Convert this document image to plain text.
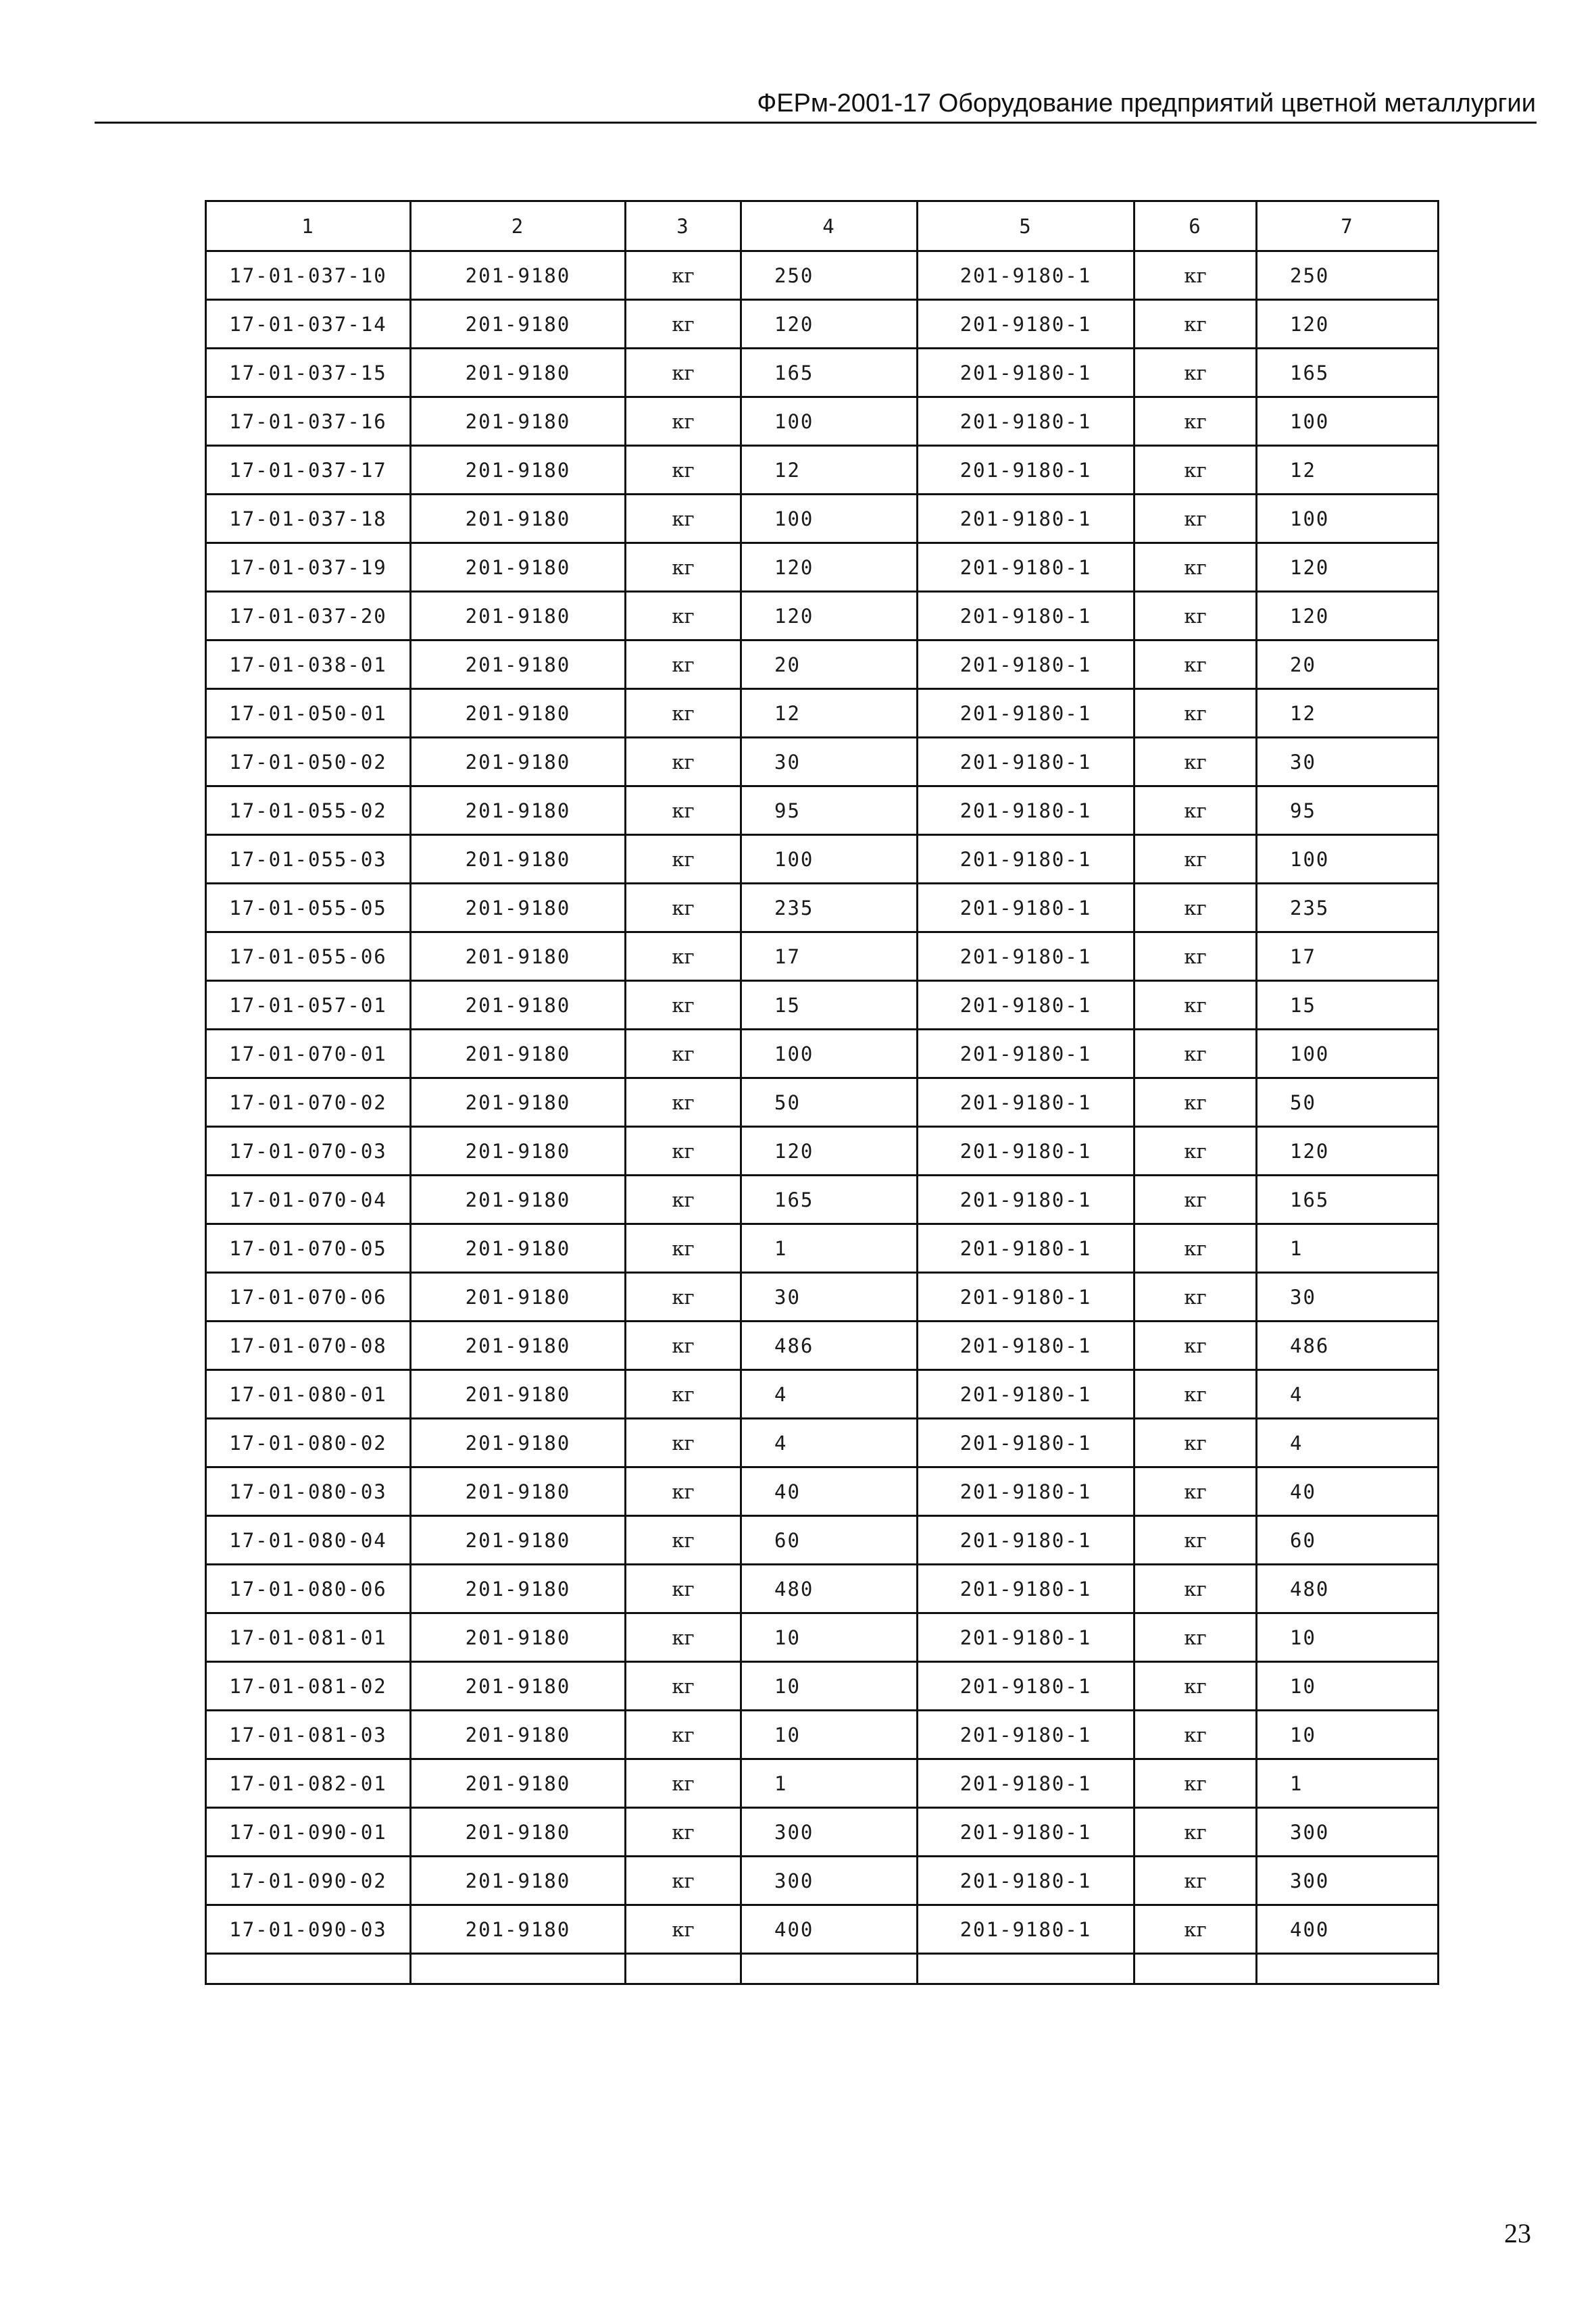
ФЕРм-2001-17 Оборудование предприятий цветной металлургии
1	2	3	4	5	6	7
17-01-037-10	201-9180	кг	250	201-9180-1	кг	250
17-01-037-14	201-9180	кг	120	201-9180-1	кг	120
17-01-037-15	201-9180	кг	165	201-9180-1	кг	165
17-01-037-16	201-9180	кг	100	201-9180-1	кг	100
17-01-037-17	201-9180	кг	12	201-9180-1	кг	12
17-01-037-18	201-9180	кг	100	201-9180-1	кг	100
17-01-037-19	201-9180	кг	120	201-9180-1	кг	120
17-01-037-20	201-9180	кг	120	201-9180-1	кг	120
17-01-038-01	201-9180	кг	20	201-9180-1	кг	20
17-01-050-01	201-9180	кг	12	201-9180-1	кг	12
17-01-050-02	201-9180	кг	30	201-9180-1	кг	30
17-01-055-02	201-9180	кг	95	201-9180-1	кг	95
17-01-055-03	201-9180	кг	100	201-9180-1	кг	100
17-01-055-05	201-9180	кг	235	201-9180-1	кг	235
17-01-055-06	201-9180	кг	17	201-9180-1	кг	17
17-01-057-01	201-9180	кг	15	201-9180-1	кг	15
17-01-070-01	201-9180	кг	100	201-9180-1	кг	100
17-01-070-02	201-9180	кг	50	201-9180-1	кг	50
17-01-070-03	201-9180	кг	120	201-9180-1	кг	120
17-01-070-04	201-9180	кг	165	201-9180-1	кг	165
17-01-070-05	201-9180	кг	1	201-9180-1	кг	1
17-01-070-06	201-9180	кг	30	201-9180-1	кг	30
17-01-070-08	201-9180	кг	486	201-9180-1	кг	486
17-01-080-01	201-9180	кг	4	201-9180-1	кг	4
17-01-080-02	201-9180	кг	4	201-9180-1	кг	4
17-01-080-03	201-9180	кг	40	201-9180-1	кг	40
17-01-080-04	201-9180	кг	60	201-9180-1	кг	60
17-01-080-06	201-9180	кг	480	201-9180-1	кг	480
17-01-081-01	201-9180	кг	10	201-9180-1	кг	10
17-01-081-02	201-9180	кг	10	201-9180-1	кг	10
17-01-081-03	201-9180	кг	10	201-9180-1	кг	10
17-01-082-01	201-9180	кг	1	201-9180-1	кг	1
17-01-090-01	201-9180	кг	300	201-9180-1	кг	300
17-01-090-02	201-9180	кг	300	201-9180-1	кг	300
17-01-090-03	201-9180	кг	400	201-9180-1	кг	400

23
